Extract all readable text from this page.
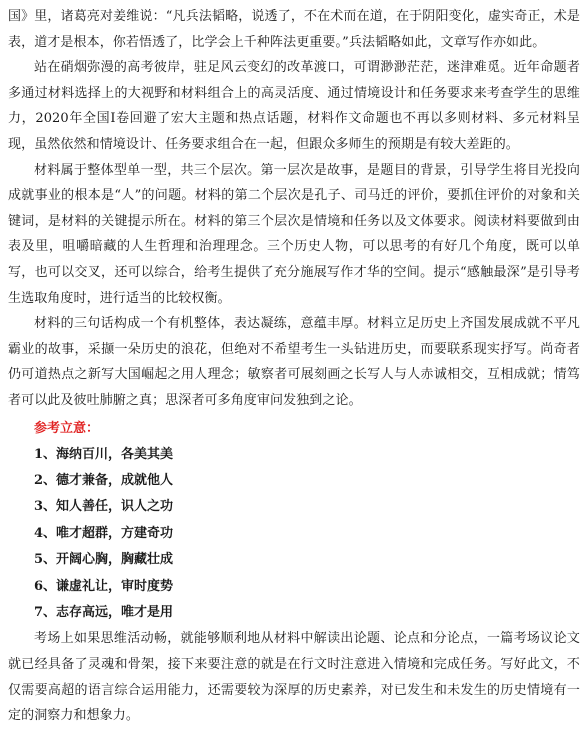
国》里，诸葛亮对姜维说：“凡兵法韬略，说透了，不在术而在道，在于阴阳变化，虚实奇正，术是表，道才是根本，你若悟透了，比学会上千种阵法更重要。”兵法韬略如此，文章写作亦如此。

站在硝烟弥漫的高考彼岸，驻足风云变幻的改革渡口，可谓渺渺茫茫，迷津难觅。近年命题者多通过材料选择上的大视野和材料组合上的高灵活度、通过情境设计和任务要求来考查学生的思维力，2020年全国Ⅰ卷回避了宏大主题和热点话题，材料作文命题也不再以多则材料、多元材料呈现，虽然依然和情境设计、任务要求组合在一起，但跟众多师生的预期是有较大差距的。

材料属于整体型单一型，共三个层次。第一层次是故事，是题目的背景，引导学生将目光投向成就事业的根本是“人”的问题。材料的第二个层次是孔子、司马迁的评价，要抓住评价的对象和关键词，是材料的关键提示所在。材料的第三个层次是情境和任务以及文体要求。阅读材料要做到由表及里，咀嚼暗藏的人生哲理和治理理念。三个历史人物，可以思考的有好几个角度，既可以单写，也可以交叉，还可以综合，给考生提供了充分施展写作才华的空间。提示“感触最深”是引导考生选取角度时，进行适当的比较权衡。

材料的三句话构成一个有机整体，表达凝练，意蕴丰厚。材料立足历史上齐国发展成就不平凡霸业的故事，采撷一朵历史的浪花，但绝对不希望考生一头钻进历史，而要联系现实抒写。尚奇者仍可道热点之新写大国崛起之用人理念；敏察者可展刻画之长写人与人赤诚相交，互相成就；情笃者可以此及彼吐肺腑之真；思深者可多角度审问发独到之论。

参考立意：
1、海纳百川，各美其美
2、德才兼备，成就他人
3、知人善任，识人之功
4、唯才超群，方建奇功
5、开阔心胸，胸藏壮成
6、谦虚礼让，审时度势
7、志存高远，唯才是用

考场上如果思维活动畅，就能够顺利地从材料中解读出论题、论点和分论点，一篇考场议论文就已经具备了灵魂和骨架，接下来要注意的就是在行文时注意进入情境和完成任务。写好此文，不仅需要高超的语言综合运用能力，还需要较为深厚的历史素养，对已发生和未发生的历史情境有一定的洞察力和想象力。
